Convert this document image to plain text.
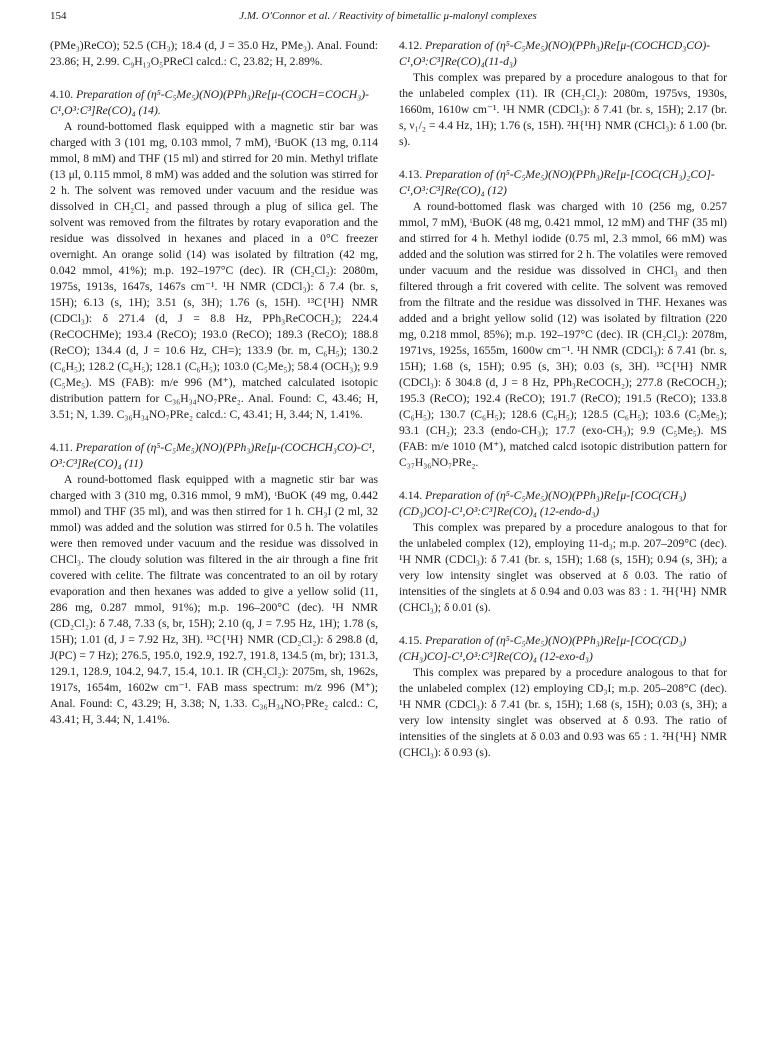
154	J.M. O'Connor et al. / Reactivity of bimetallic μ-malonyl complexes

(PMe₃)ReCO); 52.5 (CH₃); 18.4 (d, J = 35.0 Hz, PMe₃). Anal. Found: 23.86; H, 2.99. C₉H₁₃O₅PReCl calcd.: C, 23.82; H, 2.89%.

4.10. Preparation of (η⁵-C₅Me₅)(NO)(PPh₃)Re[μ-(COCH=COCH₃)-C¹,O³:C³]Re(CO)₄ (14).

A round-bottomed flask equipped with a magnetic stir bar was charged with 3 (101 mg, 0.103 mmol, 7 mM), ᵗBuOK (13 mg, 0.114 mmol, 8 mM) and THF (15 ml) and stirred for 20 min. Methyl triflate (13 μl, 0.115 mmol, 8 mM) was added and the solution was stirred for 2 h. The solvent was removed under vacuum and the residue was dissolved in CH₂Cl₂ and passed through a plug of silica gel. The solvent was removed from the filtrates by rotary evaporation and the residue was dissolved in hexanes and placed in a 0°C freezer overnight. An orange solid (14) was isolated by filtration (42 mg, 0.042 mmol, 41%); m.p. 192–197°C (dec). IR (CH₂Cl₂): 2080m, 1975s, 1913s, 1647s, 1467s cm⁻¹. ¹H NMR (CDCl₃): δ 7.4 (br. s, 15H); 6.13 (s, 1H); 3.51 (s, 3H); 1.76 (s, 15H). ¹³C{¹H} NMR (CDCl₃): δ 271.4 (d, J = 8.8 Hz, PPh₃ReCOCH₂); 224.4 (ReCOCHMe); 193.4 (ReCO); 193.0 (ReCO); 189.3 (ReCO); 188.8 (ReCO); 134.4 (d, J = 10.6 Hz, CH=); 133.9 (br. m, C₆H₅); 130.2 (C₆H₅); 128.2 (C₆H₅); 128.1 (C₆H₅); 103.0 (C₅Me₅); 58.4 (OCH₃); 9.9 (C₅Me₅). MS (FAB): m/e 996 (M⁺), matched calculated isotopic distribution pattern for C₃₆H₃₄NO₇PRe₂. Anal. Found: C, 43.46; H, 3.51; N, 1.39. C₃₆H₃₄NO₇PRe₂ calcd.: C, 43.41; H, 3.44; N, 1.41%.

4.11. Preparation of (η⁵-C₅Me₅)(NO)(PPh₃)Re[μ-(COCHCH₃CO)-C¹, O³:C³]Re(CO)₄ (11)

A round-bottomed flask equipped with a magnetic stir bar was charged with 3 (310 mg, 0.316 mmol, 9 mM), ᵗBuOK (49 mg, 0.442 mmol) and THF (35 ml), and was then stirred for 1 h. CH₃I (2 ml, 32 mmol) was added and the solution was stirred for 0.5 h. The volatiles were then removed under vacuum and the residue was dissolved in CHCl₃. The cloudy solution was filtered in the air through a fine frit covered with celite. The filtrate was concentrated to an oil by rotary evaporation and then hexanes was added to give a yellow solid (11, 286 mg, 0.287 mmol, 91%); m.p. 196–200°C (dec). ¹H NMR (CD₂Cl₂): δ 7.48, 7.33 (s, br, 15H); 2.10 (q, J = 7.95 Hz, 1H); 1.78 (s, 15H); 1.01 (d, J = 7.92 Hz, 3H). ¹³C{¹H} NMR (CD₂Cl₂): δ 298.8 (d, J(PC) = 7 Hz); 276.5, 195.0, 192.9, 192.7, 191.8, 134.5 (m, br); 131.3, 129.1, 128.9, 104.2, 94.7, 15.4, 10.1. IR (CH₂Cl₂): 2075m, sh, 1962s, 1917s, 1654m, 1602w cm⁻¹. FAB mass spectrum: m/z 996 (M⁺); Anal. Found: C, 43.29; H, 3.38; N, 1.33. C₃₆H₃₄NO₇PRe₂ calcd.: C, 43.41; H, 3.44; N, 1.41%.

4.12. Preparation of (η⁵-C₅Me₅)(NO)(PPh₃)Re[μ-(COCHCD₃CO)-C¹,O³:C³]Re(CO)₄(11-d₃)

This complex was prepared by a procedure analogous to that for the unlabeled complex (11). IR (CH₂Cl₂): 2080m, 1975vs, 1930s, 1660m, 1610w cm⁻¹. ¹H NMR (CDCl₃): δ 7.41 (br. s, 15H); 2.17 (br. s, ν₁/₂ = 4.4 Hz, 1H); 1.76 (s, 15H). ²H{¹H} NMR (CHCl₃): δ 1.00 (br. s).

4.13. Preparation of (η⁵-C₅Me₅)(NO)(PPh₃)Re[μ-[COC(CH₃)₂CO]-C¹,O³:C³]Re(CO)₄ (12)

A round-bottomed flask was charged with 10 (256 mg, 0.257 mmol, 7 mM), ᵗBuOK (48 mg, 0.421 mmol, 12 mM) and THF (35 ml) and stirred for 4 h. Methyl iodide (0.75 ml, 2.3 mmol, 66 mM) was added and the solution was stirred for 2 h. The volatiles were removed under vacuum and the residue was dissolved in CHCl₃ and then filtered through a frit covered with celite. The solvent was removed from the filtrate and the residue was dissolved in THF. Hexanes was added and a bright yellow solid (12) was isolated by filtration (220 mg, 0.218 mmol, 85%); m.p. 192–197°C (dec). IR (CH₂Cl₂): 2078m, 1971vs, 1925s, 1655m, 1600w cm⁻¹. ¹H NMR (CDCl₃): δ 7.41 (br. s, 15H); 1.68 (s, 15H); 0.95 (s, 3H); 0.03 (s, 3H). ¹³C{¹H} NMR (CDCl₃): δ 304.8 (d, J = 8 Hz, PPh₃ReCOCH₂); 277.8 (ReCOCH₂); 195.3 (ReCO); 192.4 (ReCO); 191.7 (ReCO); 191.5 (ReCO); 133.8 (C₆H₅); 130.7 (C₆H₅); 128.6 (C₆H₅); 128.5 (C₆H₅); 103.6 (C₅Me₅); 93.1 (CH₂); 23.3 (endo-CH₃); 17.7 (exo-CH₃); 9.9 (C₅Me₅). MS (FAB: m/e 1010 (M⁺), matched calcd isotopic distribution pattern for C₃₇H₃₆NO₇PRe₂.

4.14. Preparation of (η⁵-C₅Me₅)(NO)(PPh₃)Re[μ-[COC(CH₃)(CD₃)CO]-C¹,O³:C³]Re(CO)₄ (12-endo-d₃)

This complex was prepared by a procedure analogous to that for the unlabeled complex (12), employing 11-d₃; m.p. 207–209°C (dec). ¹H NMR (CDCl₃): δ 7.41 (br. s, 15H); 1.68 (s, 15H); 0.94 (s, 3H); a very low intensity singlet was observed at δ 0.03. The ratio of intensities of the singlets at δ 0.94 and 0.03 was 83 : 1. ²H{¹H} NMR (CHCl₃); δ 0.01 (s).

4.15. Preparation of (η⁵-C₅Me₅)(NO)(PPh₃)Re[μ-[COC(CD₃)(CH₃)CO]-C¹,O³:C³]Re(CO)₄ (12-exo-d₃)

This complex was prepared by a procedure analogous to that for the unlabeled complex (12) employing CD₃I; m.p. 205–208°C (dec). ¹H NMR (CDCl₃): δ 7.41 (br. s, 15H); 1.68 (s, 15H); 0.03 (s, 3H); a very low intensity singlet was observed at δ 0.93. The ratio of intensities of the singlets at δ 0.03 and 0.93 was 65 : 1. ²H{¹H} NMR (CHCl₃): δ 0.93 (s).
